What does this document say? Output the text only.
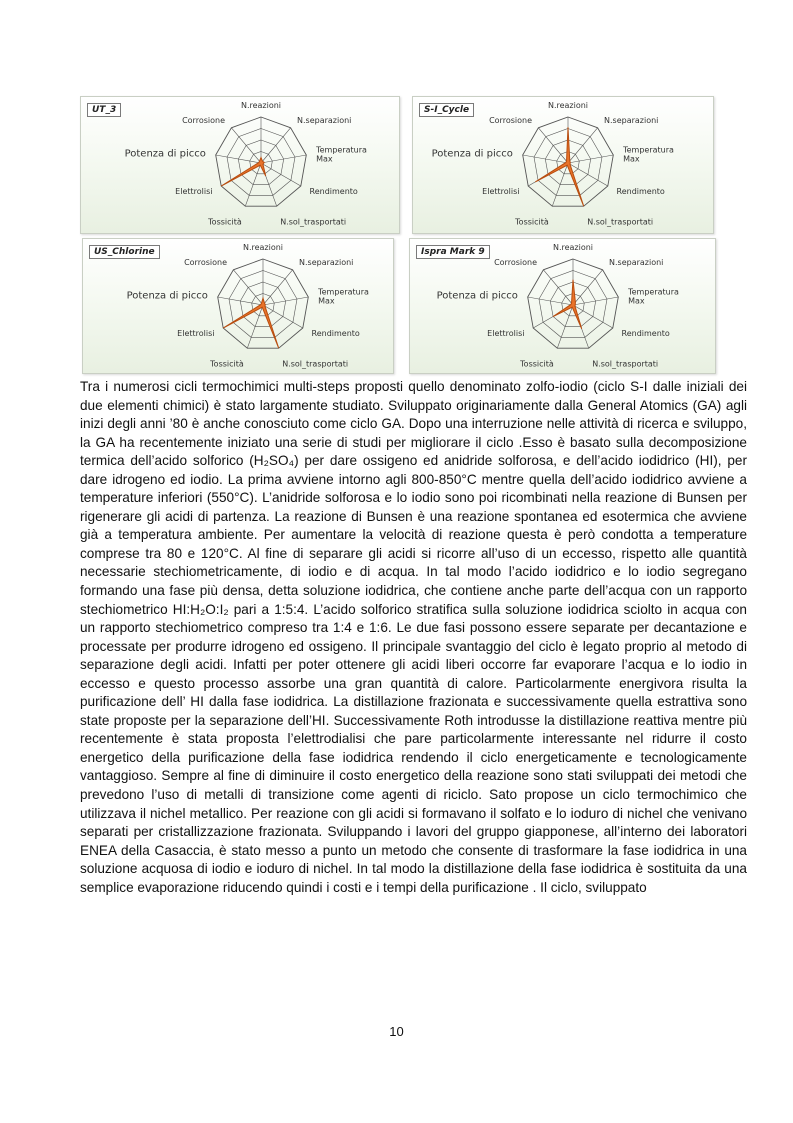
UT_3	N.reazioni
N.separazioni
Temperatura Max
Rendimento
N.sol_trasportati
Tossicità
Elettrolisi
Potenza di picco
Corrosione
S-I_Cycle	N.reazioni
N.separazioni
Temperatura Max
Rendimento
N.sol_trasportati
Tossicità
Elettrolisi
Potenza di picco
Corrosione
US_Chlorine	N.reazioni
N.separazioni
Temperatura Max
Rendimento
N.sol_trasportati
Tossicità
Elettrolisi
Potenza di picco
Corrosione
Ispra Mark 9	N.reazioni
N.separazioni
Temperatura Max
Rendimento
N.sol_trasportati
Tossicità
Elettrolisi
Potenza di picco
Corrosione

Tra i numerosi cicli termochimici multi-steps proposti quello denominato zolfo-iodio (ciclo S-I dalle iniziali dei due elementi chimici) è stato largamente studiato. Sviluppato originariamente dalla General Atomics (GA) agli inizi degli anni ’80 è anche conosciuto come ciclo GA. Dopo una interruzione nelle attività di ricerca e sviluppo, la GA ha recentemente iniziato una serie di studi per migliorare il ciclo .Esso è basato sulla decomposizione termica dell’acido solforico (H₂SO₄) per dare ossigeno ed anidride solforosa, e dell’acido iodidrico (HI), per dare idrogeno ed iodio. La prima avviene intorno agli 800-850°C mentre quella dell’acido iodidrico avviene a temperature inferiori (550°C). L’anidride solforosa e lo iodio sono poi ricombinati nella reazione di Bunsen per rigenerare gli acidi di partenza. La reazione di Bunsen è una reazione spontanea ed esotermica che avviene già a temperatura ambiente. Per aumentare la velocità di reazione questa è però condotta a temperature comprese tra 80 e 120°C. Al fine di separare gli acidi si ricorre all’uso di un eccesso, rispetto alle quantità necessarie stechiometricamente, di iodio e di acqua. In tal modo l’acido iodidrico e lo iodio segregano formando una fase più densa, detta soluzione iodidrica, che contiene anche parte dell’acqua con un rapporto stechiometrico HI:H₂O:I₂ pari a 1:5:4. L’acido solforico stratifica sulla soluzione iodidrica sciolto in acqua con un rapporto stechiometrico compreso tra 1:4 e 1:6. Le due fasi possono essere separate per decantazione e processate per produrre idrogeno ed ossigeno. Il principale svantaggio del ciclo è legato proprio al metodo di separazione degli acidi. Infatti per poter ottenere gli acidi liberi occorre far evaporare l’acqua e lo iodio in eccesso e questo processo assorbe una gran quantità di calore. Particolarmente energivora risulta la purificazione dell’ HI dalla fase iodidrica. La distillazione frazionata e successivamente quella estrattiva sono state proposte per la separazione dell’HI. Successivamente Roth introdusse la distillazione reattiva mentre più recentemente è stata proposta l’elettrodialisi che pare particolarmente interessante nel ridurre il costo energetico della purificazione della fase iodidrica rendendo il ciclo energeticamente e tecnologicamente vantaggioso. Sempre al fine di diminuire il costo energetico della reazione sono stati sviluppati dei metodi che prevedono l’uso di metalli di transizione come agenti di riciclo. Sato propose un ciclo termochimico che utilizzava il nichel metallico. Per reazione con gli acidi si formavano il solfato e lo ioduro di nichel che venivano separati per cristallizzazione frazionata. Sviluppando i lavori del gruppo giapponese, all’interno dei laboratori ENEA della Casaccia, è stato messo a punto un metodo che consente di trasformare la fase iodidrica in una soluzione acquosa di iodio e ioduro di nichel. In tal modo la distillazione della fase iodidrica è sostituita da una semplice evaporazione riducendo quindi i costi e i tempi della purificazione . Il ciclo, sviluppato

10
